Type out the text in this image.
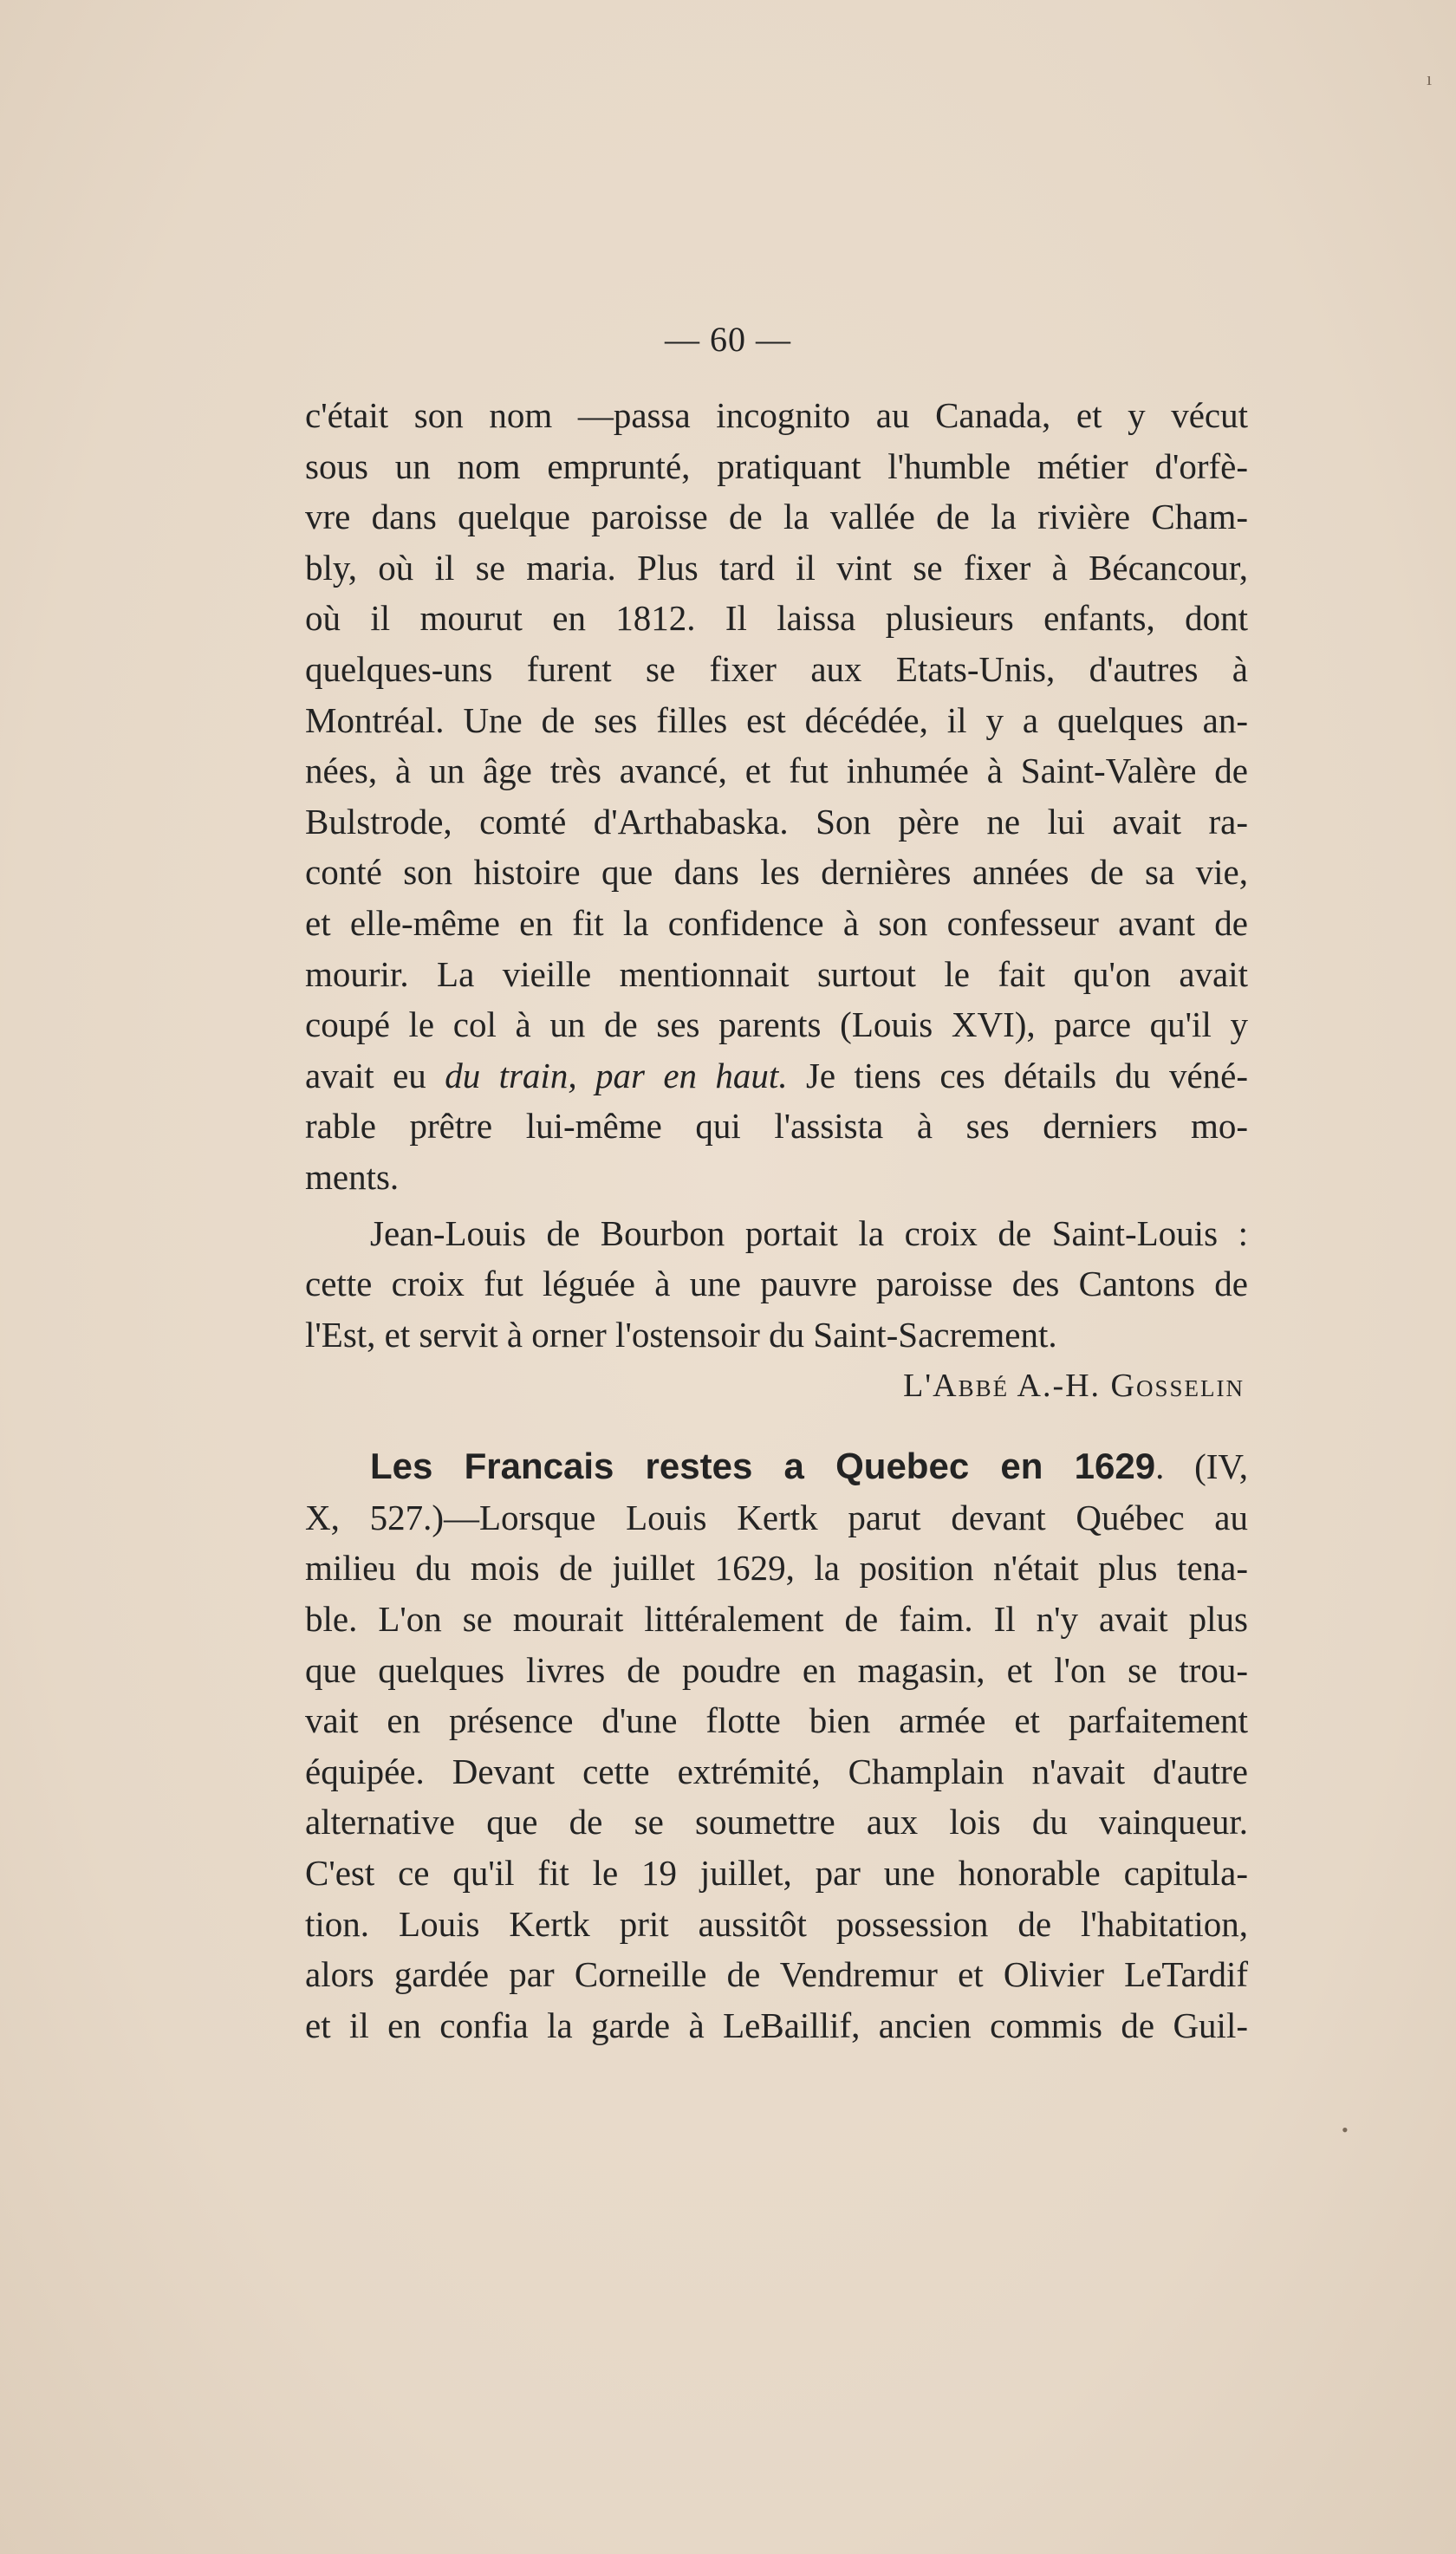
— 60 —
c'était son nom —passa incognito au Canada, et y vécut
sous un nom emprunté, pratiquant l'humble métier d'orfè-
vre dans quelque paroisse de la vallée de la rivière Cham-
bly, où il se maria. Plus tard il vint se fixer à Bécancour,
où il mourut en 1812. Il laissa plusieurs enfants, dont
quelques-uns furent se fixer aux Etats-Unis, d'autres à
Montréal. Une de ses filles est décédée, il y a quelques an-
nées, à un âge très avancé, et fut inhumée à Saint-Valère de
Bulstrode, comté d'Arthabaska. Son père ne lui avait ra-
conté son histoire que dans les dernières années de sa vie,
et elle-même en fit la confidence à son confesseur avant de
mourir. La vieille mentionnait surtout le fait qu'on avait
coupé le col à un de ses parents (Louis XVI), parce qu'il y
avait eu du train, par en haut. Je tiens ces détails du véné-
rable prêtre lui-même qui l'assista à ses derniers mo-
ments.
Jean-Louis de Bourbon portait la croix de Saint-Louis :
cette croix fut léguée à une pauvre paroisse des Cantons de
l'Est, et servit à orner l'ostensoir du Saint-Sacrement.
L'Abbé A.-H. Gosselin
Les Francais restes a Quebec en 1629. (IV,
X, 527.)—Lorsque Louis Kertk parut devant Québec au
milieu du mois de juillet 1629, la position n'était plus tena-
ble. L'on se mourait littéralement de faim. Il n'y avait plus
que quelques livres de poudre en magasin, et l'on se trou-
vait en présence d'une flotte bien armée et parfaitement
équipée. Devant cette extrémité, Champlain n'avait d'autre
alternative que de se soumettre aux lois du vainqueur.
C'est ce qu'il fit le 19 juillet, par une honorable capitula-
tion. Louis Kertk prit aussitôt possession de l'habitation,
alors gardée par Corneille de Vendremur et Olivier LeTardif
et il en confia la garde à LeBaillif, ancien commis de Guil-
ı
•
